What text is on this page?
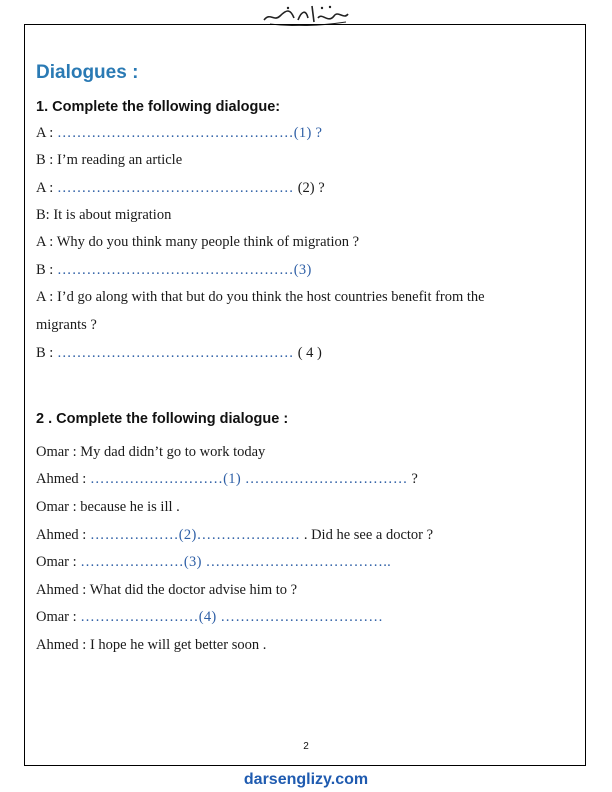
Dialogues :

1. Complete the following dialogue:

A : …………………………………………(1) ?

B : I’m reading an article

A : ………………………………………… (2) ?

B: It is about migration

A : Why do you think many people think of migration ?

B : …………………………………………(3)

A : I’d go along with that but do you think the host countries benefit from the

migrants ?

B : ………………………………………… ( 4 )

2 . Complete the following dialogue :

Omar : My dad didn’t go to work today

Ahmed : ………………………(1) …………………………… ?

Omar : because he is ill .

Ahmed : ………………(2)………………… . Did he see a doctor ?

Omar : …………………(3) ………………………………..

Ahmed : What did the doctor advise him to ?

Omar : ……………………(4) ……………………………

Ahmed : I hope he will get better soon .

2
darsenglizy.com
